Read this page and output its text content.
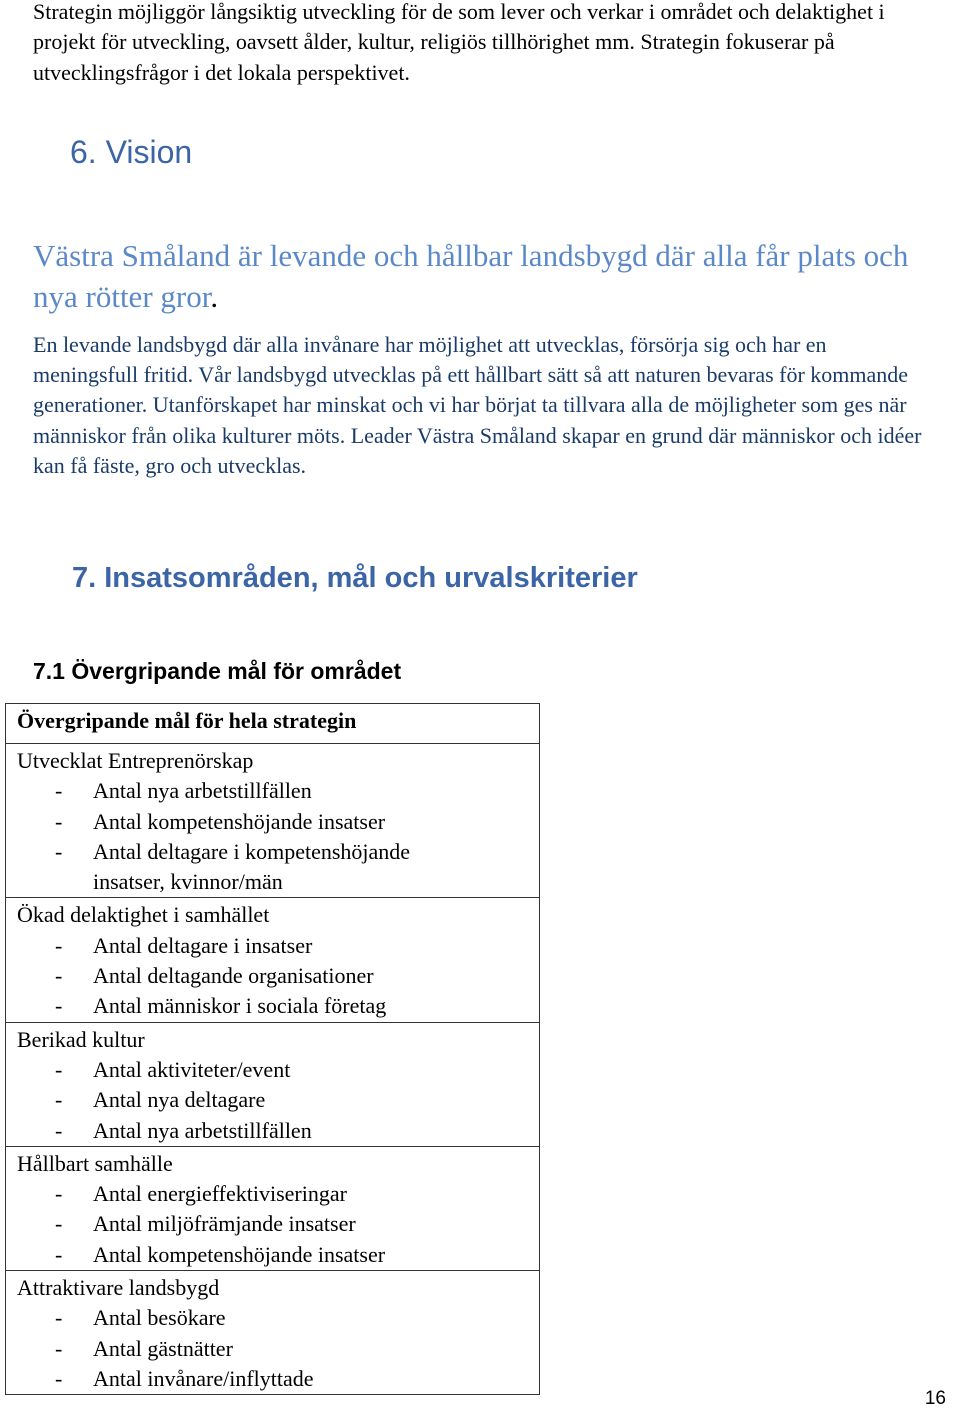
Strategin möjliggör långsiktig utveckling för de som lever och verkar i området och delaktighet i projekt för utveckling, oavsett ålder, kultur, religiös tillhörighet mm. Strategin fokuserar på utvecklingsfrågor i det lokala perspektivet.

6. Vision

Västra Småland är levande och hållbar landsbygd där alla får plats och nya rötter gror.

En levande landsbygd där alla invånare har möjlighet att utvecklas, försörja sig och har en meningsfull fritid. Vår landsbygd utvecklas på ett hållbart sätt så att naturen bevaras för kommande generationer. Utanförskapet har minskat och vi har börjat ta tillvara alla de möjligheter som ges när människor från olika kulturer möts. Leader Västra Småland skapar en grund där människor och idéer kan få fäste, gro och utvecklas.

7. Insatsområden, mål och urvalskriterier
7.1 Övergripande mål för området
Övergripande mål för hela strategin

Utvecklat Entreprenörskap
-	Antal nya arbetstillfällen
-	Antal kompetenshöjande insatser
-	Antal deltagare i kompetenshöjande insatser, kvinnor/män

Ökad delaktighet i samhället
-	Antal deltagare i insatser
-	Antal deltagande organisationer
-	Antal människor i sociala företag

Berikad kultur
-	Antal aktiviteter/event
-	Antal nya deltagare
-	Antal nya arbetstillfällen

Hållbart samhälle
-	Antal energieffektiviseringar
-	Antal miljöfrämjande insatser
-	Antal kompetenshöjande insatser

Attraktivare landsbygd
-	Antal besökare
-	Antal gästnätter
-	Antal invånare/inflyttade

16
